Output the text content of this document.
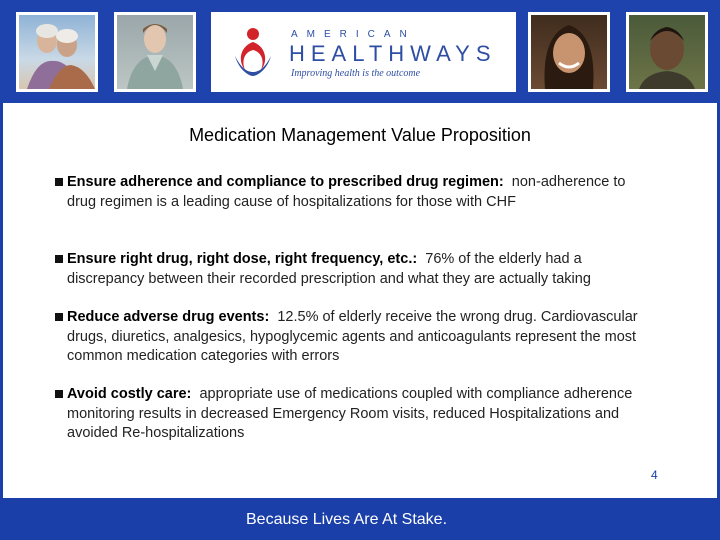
AMERICAN
HEALTHWAYS
Improving health is the outcome
Medication Management Value Proposition
Ensure adherence and compliance to prescribed drug regimen: non-adherence to drug regimen is a leading cause of hospitalizations for those with CHF
Ensure right drug, right dose, right frequency, etc.: 76% of the elderly had a discrepancy between their recorded prescription and what they are actually taking
Reduce adverse drug events: 12.5% of elderly receive the wrong drug. Cardiovascular drugs, diuretics, analgesics, hypoglycemic agents and anticoagulants represent the most common medication categories with errors
Avoid costly care: appropriate use of medications coupled with compliance adherence monitoring results in decreased Emergency Room visits, reduced Hospitalizations and avoided Re-hospitalizations
4
Because Lives Are At Stake.
